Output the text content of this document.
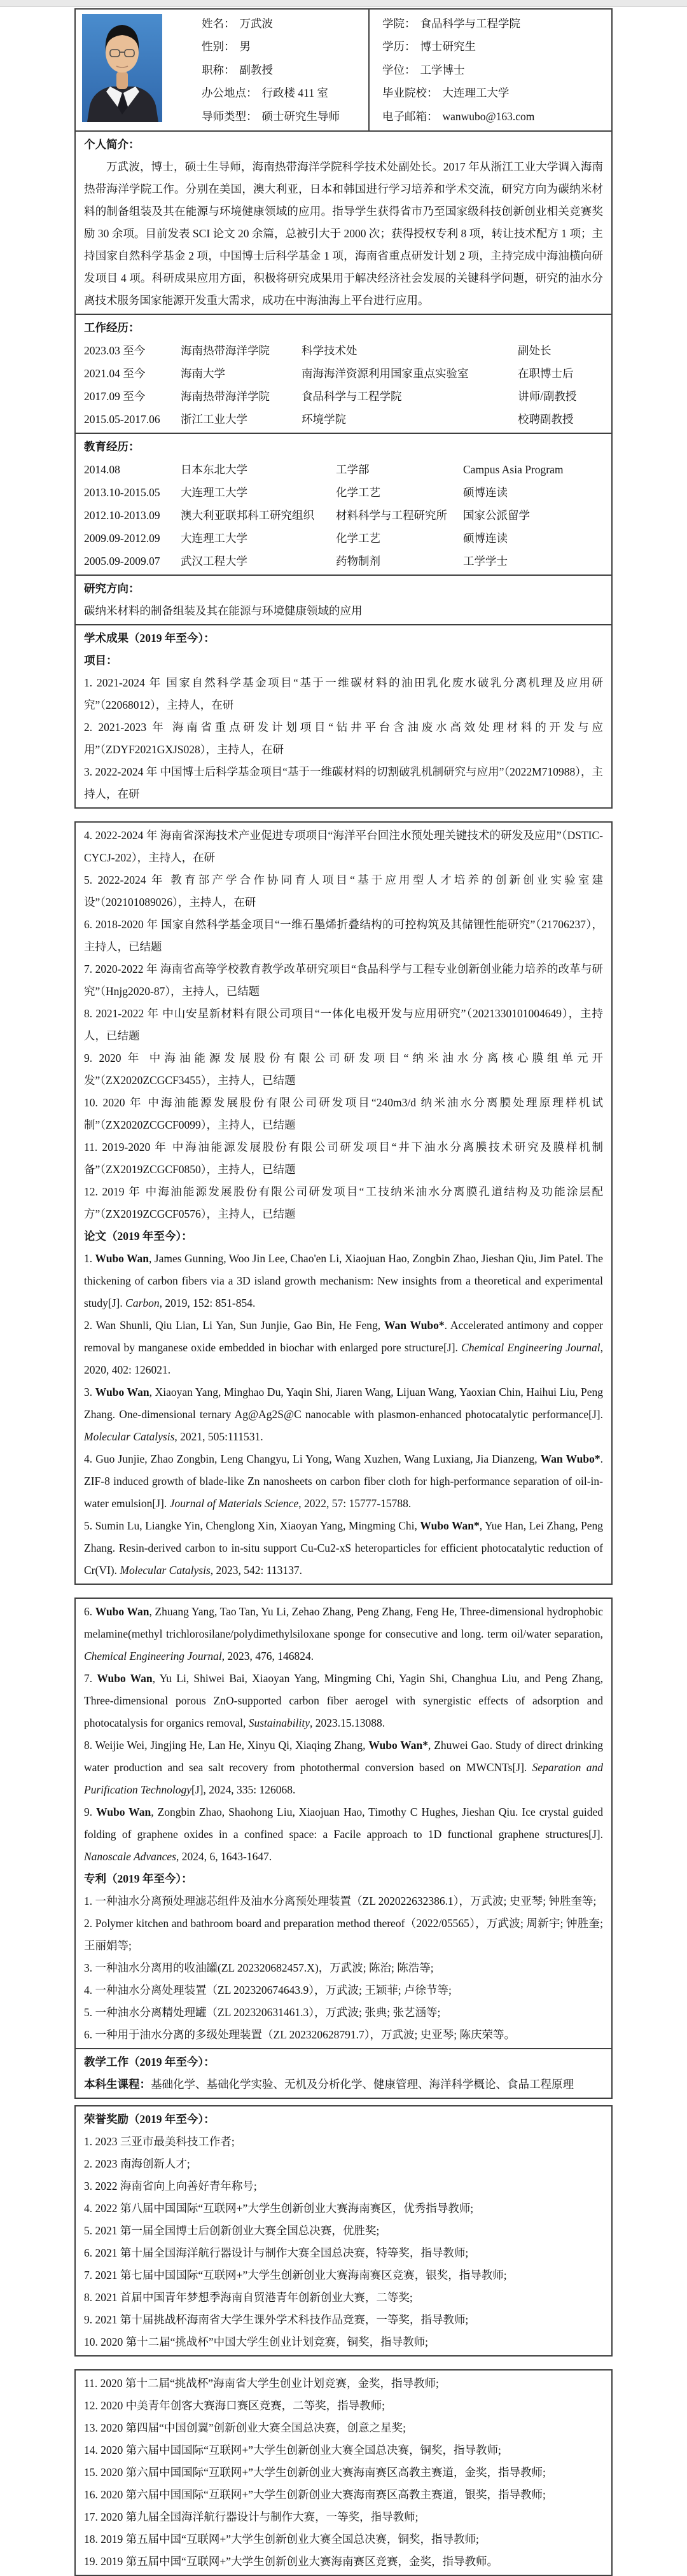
姓名： 万武波
性别： 男
职称： 副教授
办公地点： 行政楼 411 室
导师类型： 硕士研究生导师
学院： 食品科学与工程学院
学历： 博士研究生
学位： 工学博士
毕业院校： 大连理工大学
电子邮箱： wanwubo@163.com
个人简介：
万武波，博士，硕士生导师，海南热带海洋学院科学技术处副处长。2017 年从浙江工业大学调入海南热带海洋学院工作。分别在美国，澳大利亚，日本和韩国进行学习培养和学术交流，研究方向为碳纳米材料的制备组装及其在能源与环境健康领域的应用。指导学生获得省市乃至国家级科技创新创业相关竞赛奖励 30 余项。目前发表 SCI 论文 20 余篇，总被引大于 2000 次；获得授权专利 8 项，转让技术配方 1 项；主持国家自然科学基金 2 项，中国博士后科学基金 1 项，海南省重点研发计划 2 项，主持完成中海油横向研发项目 4 项。科研成果应用方面，积极将研究成果用于解决经济社会发展的关键科学问题，研究的油水分离技术服务国家能源开发重大需求，成功在中海油海上平台进行应用。
工作经历：
2023.03 至今	海南热带海洋学院	科学技术处	副处长
2021.04 至今	海南大学	南海海洋资源利用国家重点实验室	在职博士后
2017.09 至今	海南热带海洋学院	食品科学与工程学院	讲师/副教授
2015.05-2017.06	浙江工业大学	环境学院	校聘副教授
教育经历：
2014.08	日本东北大学	工学部	Campus Asia Program
2013.10-2015.05	大连理工大学	化学工艺	硕博连读
2012.10-2013.09	澳大利亚联邦科工研究组织	材料科学与工程研究所	国家公派留学
2009.09-2012.09	大连理工大学	化学工艺	硕博连读
2005.09-2009.07	武汉工程大学	药物制剂	工学学士
研究方向：
碳纳米材料的制备组装及其在能源与环境健康领域的应用
学术成果（2019 年至今）：
项目：
1. 2021-2024 年 国家自然科学基金项目“基于一维碳材料的油田乳化废水破乳分离机理及应用研究”（22068012），主持人，在研
2. 2021-2023 年 海南省重点研发计划项目“钻井平台含油废水高效处理材料的开发与应用”（ZDYF2021GXJS028），主持人，在研
3. 2022-2024 年 中国博士后科学基金项目“基于一维碳材料的切割破乳机制研究与应用”（2022M710988），主持人，在研
4. 2022-2024 年 海南省深海技术产业促进专项项目“海洋平台回注水预处理关键技术的研发及应用”（DSTIC-CYCJ-202），主持人，在研
5. 2022-2024 年 教育部产学合作协同育人项目“基于应用型人才培养的创新创业实验室建设”（202101089026），主持人，在研
6. 2018-2020 年 国家自然科学基金项目“一维石墨烯折叠结构的可控构筑及其储锂性能研究”（21706237），主持人，已结题
7. 2020-2022 年 海南省高等学校教育教学改革研究项目“食品科学与工程专业创新创业能力培养的改革与研究”（Hnjg2020-87），主持人，已结题
8. 2021-2022 年 中山安星新材料有限公司项目“一体化电极开发与应用研究”（2021330101004649），主持人，已结题
9. 2020 年 中海油能源发展股份有限公司研发项目“纳米油水分离核心膜组单元开发”（ZX2020ZCGCF3455），主持人，已结题
10. 2020 年 中海油能源发展股份有限公司研发项目“240m3/d 纳米油水分离膜处理原理样机试制”（ZX2020ZCGCF0099），主持人，已结题
11. 2019-2020 年 中海油能源发展股份有限公司研发项目“井下油水分离膜技术研究及膜样机制备”（ZX2019ZCGCF0850），主持人，已结题
12. 2019 年 中海油能源发展股份有限公司研发项目“工技纳米油水分离膜孔道结构及功能涂层配方”（ZX2019ZCGCF0576），主持人，已结题
论文（2019 年至今）：
1. Wubo Wan, James Gunning, Woo Jin Lee, Chao'en Li, Xiaojuan Hao, Zongbin Zhao, Jieshan Qiu, Jim Patel. The thickening of carbon fibers via a 3D island growth mechanism: New insights from a theoretical and experimental study[J]. Carbon, 2019, 152: 851-854.
2. Wan Shunli, Qiu Lian, Li Yan, Sun Junjie, Gao Bin, He Feng, Wan Wubo*. Accelerated antimony and copper removal by manganese oxide embedded in biochar with enlarged pore structure[J]. Chemical Engineering Journal, 2020, 402: 126021.
3. Wubo Wan, Xiaoyan Yang, Minghao Du, Yaqin Shi, Jiaren Wang, Lijuan Wang, Yaoxian Chin, Haihui Liu, Peng Zhang. One-dimensional ternary Ag@Ag2S@C nanocable with plasmon-enhanced photocatalytic performance[J]. Molecular Catalysis, 2021, 505:111531.
4. Guo Junjie, Zhao Zongbin, Leng Changyu, Li Yong, Wang Xuzhen, Wang Luxiang, Jia Dianzeng, Wan Wubo*. ZIF-8 induced growth of blade-like Zn nanosheets on carbon fiber cloth for high-performance separation of oil-in-water emulsion[J]. Journal of Materials Science, 2022, 57: 15777-15788.
5. Sumin Lu, Liangke Yin, Chenglong Xin, Xiaoyan Yang, Mingming Chi, Wubo Wan*, Yue Han, Lei Zhang, Peng Zhang. Resin-derived carbon to in-situ support Cu-Cu2-xS heteroparticles for efficient photocatalytic reduction of Cr(VI). Molecular Catalysis, 2023, 542: 113137.
6. Wubo Wan, Zhuang Yang, Tao Tan, Yu Li, Zehao Zhang, Peng Zhang, Feng He, Three-dimensional hydrophobic melamine(methyl trichlorosilane/polydimethylsiloxane sponge for consecutive and long. term oil/water separation, Chemical Engineering Journal, 2023, 476, 146824.
7. Wubo Wan, Yu Li, Shiwei Bai, Xiaoyan Yang, Mingming Chi, Yagin Shi, Changhua Liu, and Peng Zhang, Three-dimensional porous ZnO-supported carbon fiber aerogel with synergistic effects of adsorption and photocatalysis for organics removal, Sustainability, 2023.15.13088.
8. Weijie Wei, Jingjing He, Lan He, Xinyu Qi, Xiaqing Zhang, Wubo Wan*, Zhuwei Gao. Study of direct drinking water production and sea salt recovery from photothermal conversion based on MWCNTs[J]. Separation and Purification Technology[J], 2024, 335: 126068.
9. Wubo Wan, Zongbin Zhao, Shaohong Liu, Xiaojuan Hao, Timothy C Hughes, Jieshan Qiu. Ice crystal guided folding of graphene oxides in a confined space: a Facile approach to 1D functional graphene structures[J]. Nanoscale Advances, 2024, 6, 1643-1647.
专利（2019 年至今）：
1. 一种油水分离预处理滤芯组件及油水分离预处理装置（ZL 202022632386.1），万武波; 史亚琴; 钟胜奎等;
2. Polymer kitchen and bathroom board and preparation method thereof（2022/05565），万武波; 周新宇; 钟胜奎; 王丽娟等;
3. 一种油水分离用的收油罐(ZL 202320682457.X)，万武波; 陈治; 陈浩等;
4. 一种油水分离处理装置（ZL 202320674643.9），万武波; 王颖菲; 卢徐节等;
5. 一种油水分离精处理罐（ZL 202320631461.3），万武波; 张典; 张艺涵等;
6. 一种用于油水分离的多级处理装置（ZL 202320628791.7），万武波; 史亚琴; 陈庆荣等。
教学工作（2019 年至今）：
本科生课程：基础化学、基础化学实验、无机及分析化学、健康管理、海洋科学概论、食品工程原理
荣誉奖励（2019 年至今）：
1. 2023 三亚市最美科技工作者;
2. 2023 南海创新人才;
3. 2022 海南省向上向善好青年称号;
4. 2022 第八届中国国际“互联网+”大学生创新创业大赛海南赛区，优秀指导教师;
5. 2021 第一届全国博士后创新创业大赛全国总决赛，优胜奖;
6. 2021 第十届全国海洋航行器设计与制作大赛全国总决赛，特等奖，指导教师;
7. 2021 第七届中国国际“互联网+”大学生创新创业大赛海南赛区竞赛，银奖，指导教师;
8. 2021 首届中国青年梦想季海南自贸港青年创新创业大赛，二等奖;
9. 2021 第十届挑战杯海南省大学生课外学术科技作品竞赛，一等奖，指导教师;
10. 2020 第十二届“挑战杯”中国大学生创业计划竞赛，铜奖，指导教师;
11. 2020 第十二届“挑战杯”海南省大学生创业计划竞赛，金奖，指导教师;
12. 2020 中美青年创客大赛海口赛区竞赛，二等奖，指导教师;
13. 2020 第四届“中国创翼”创新创业大赛全国总决赛，创意之星奖;
14. 2020 第六届中国国际“互联网+”大学生创新创业大赛全国总决赛，铜奖，指导教师;
15. 2020 第六届中国国际“互联网+”大学生创新创业大赛海南赛区高教主赛道，金奖，指导教师;
16. 2020 第六届中国国际“互联网+”大学生创新创业大赛海南赛区高教主赛道，银奖，指导教师;
17. 2020 第九届全国海洋航行器设计与制作大赛，一等奖，指导教师;
18. 2019 第五届中国“互联网+”大学生创新创业大赛全国总决赛，铜奖，指导教师;
19. 2019 第五届中国“互联网+”大学生创新创业大赛海南赛区竞赛，金奖，指导教师。
